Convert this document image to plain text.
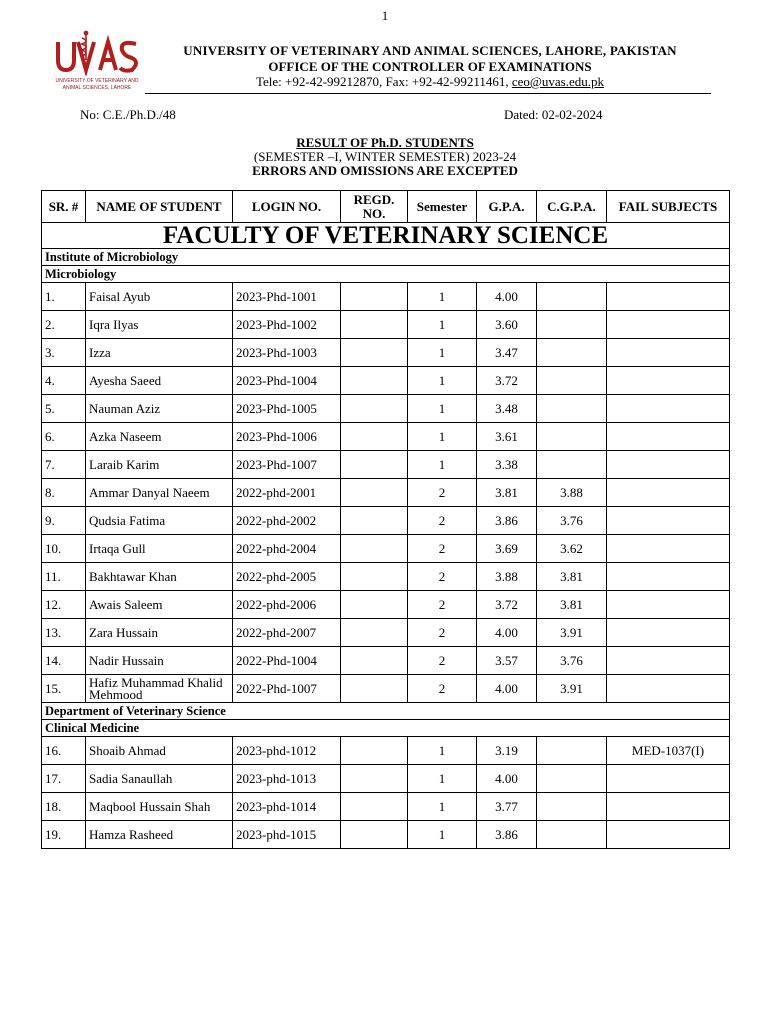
1
UNIVERSITY OF VETERINARY AND
ANIMAL SCIENCES, LAHORE
UNIVERSITY OF VETERINARY AND ANIMAL SCIENCES, LAHORE, PAKISTAN
OFFICE OF THE CONTROLLER OF EXAMINATIONS
Tele: +92-42-99212870, Fax: +92-42-99211461, ceo@uvas.edu.pk
No: C.E./Ph.D./48	Dated: 02-02-2024
RESULT OF Ph.D. STUDENTS
(SEMESTER –I, WINTER SEMESTER) 2023-24
ERRORS AND OMISSIONS ARE EXCEPTED
SR. #	NAME OF STUDENT	LOGIN NO.	REGD. NO.	Semester	G.P.A.	C.G.P.A.	FAIL SUBJECTS
FACULTY OF VETERINARY SCIENCE							
Institute of Microbiology							
Microbiology							
1.	Faisal Ayub	2023-Phd-1001		1	4.00		
2.	Iqra Ilyas	2023-Phd-1002		1	3.60		
3.	Izza	2023-Phd-1003		1	3.47		
4.	Ayesha Saeed	2023-Phd-1004		1	3.72		
5.	Nauman Aziz	2023-Phd-1005		1	3.48		
6.	Azka Naseem	2023-Phd-1006		1	3.61		
7.	Laraib Karim	2023-Phd-1007		1	3.38		
8.	Ammar Danyal Naeem	2022-phd-2001		2	3.81	3.88	
9.	Qudsia Fatima	2022-phd-2002		2	3.86	3.76	
10.	Irtaqa Gull	2022-phd-2004		2	3.69	3.62	
11.	Bakhtawar Khan	2022-phd-2005		2	3.88	3.81	
12.	Awais Saleem	2022-phd-2006		2	3.72	3.81	
13.	Zara Hussain	2022-phd-2007		2	4.00	3.91	
14.	Nadir Hussain	2022-Phd-1004		2	3.57	3.76	
15.	Hafiz Muhammad Khalid Mehmood	2022-Phd-1007		2	4.00	3.91	
Department of Veterinary Science							
Clinical Medicine							
16.	Shoaib Ahmad	2023-phd-1012		1	3.19		MED-1037(I)
17.	Sadia Sanaullah	2023-phd-1013		1	4.00		
18.	Maqbool Hussain Shah	2023-phd-1014		1	3.77		
19.	Hamza Rasheed	2023-phd-1015		1	3.86		
